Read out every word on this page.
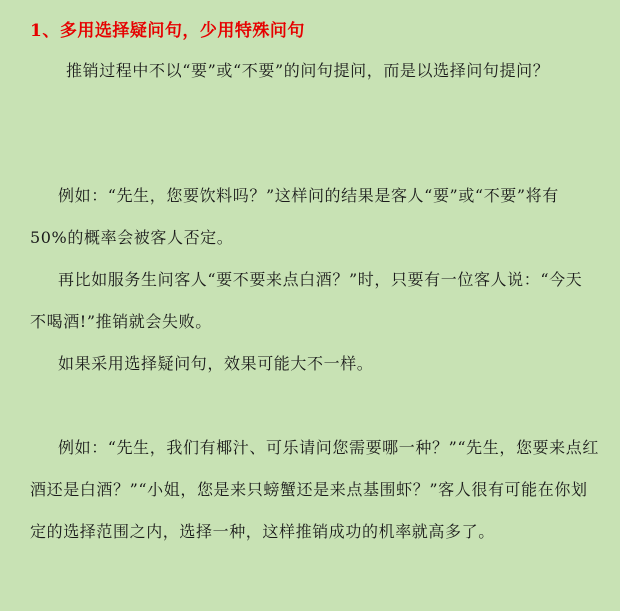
1、多用选择疑问句，少用特殊问句
推销过程中不以“要”或“不要”的问句提问，而是以选择问句提问？
例如：“先生，您要饮料吗？”这样问的结果是客人“要”或“不要”将有50%的概率会被客人否定。
再比如服务生问客人“要不要来点白酒？”时，只要有一位客人说：“今天不喝酒!”推销就会失败。
如果采用选择疑问句，效果可能大不一样。
例如：“先生，我们有椰汁、可乐请问您需要哪一种？”“先生，您要来点红酒还是白酒？”“小姐，您是来只螃蟹还是来点基围虾？”客人很有可能在你划定的选择范围之内，选择一种，这样推销成功的机率就高多了。
